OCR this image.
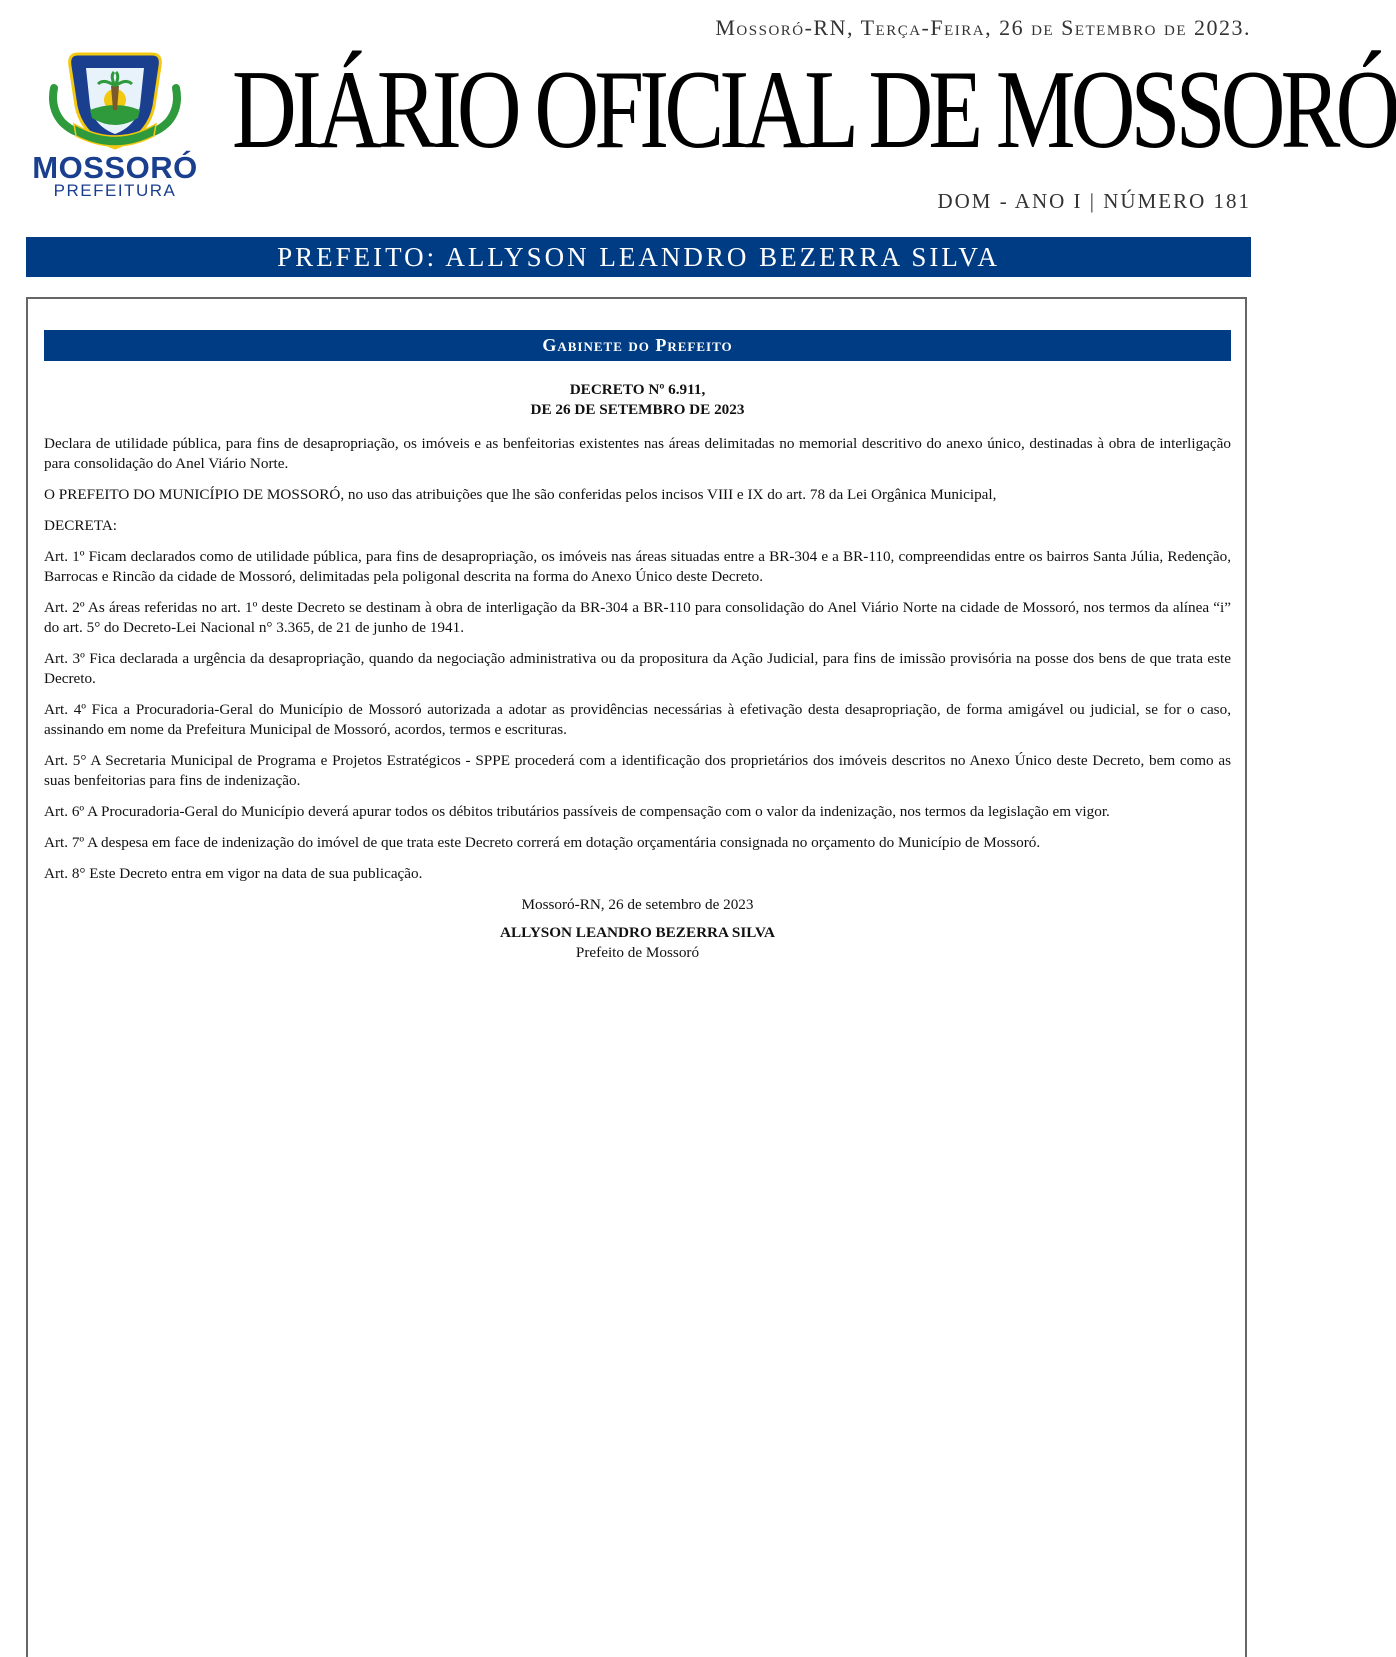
MOSSORÓ
PREFEITURA
Mossoró-RN, Terça-Feira, 26 de Setembro de 2023.
DIÁRIO OFICIAL DE MOSSORÓ
DOM - ANO I | NÚMERO 181
PREFEITO: ALLYSON LEANDRO BEZERRA SILVA
Gabinete do Prefeito
DECRETO Nº 6.911,
DE 26 DE SETEMBRO DE 2023

Declara de utilidade pública, para fins de desapropriação, os imóveis e as benfeitorias existentes nas áreas delimitadas no memorial descritivo do anexo único, destinadas à obra de interligação para consolidação do Anel Viário Norte.

O PREFEITO DO MUNICÍPIO DE MOSSORÓ, no uso das atribuições que lhe são conferidas pelos incisos VIII e IX do art. 78 da Lei Orgânica Municipal,

DECRETA:

Art. 1º Ficam declarados como de utilidade pública, para fins de desapropriação, os imóveis nas áreas situadas entre a BR-304 e a BR-110, compreendidas entre os bairros Santa Júlia, Redenção, Barrocas e Rincão da cidade de Mossoró, delimitadas pela poligonal descrita na forma do Anexo Único deste Decreto.

Art. 2º As áreas referidas no art. 1º deste Decreto se destinam à obra de interligação da BR-304 a BR-110 para consolidação do Anel Viário Norte na cidade de Mossoró, nos termos da alínea “i” do art. 5° do Decreto-Lei Nacional n° 3.365, de 21 de junho de 1941.

Art. 3º Fica declarada a urgência da desapropriação, quando da negociação administrativa ou da propositura da Ação Judicial, para fins de imissão provisória na posse dos bens de que trata este Decreto.

Art. 4º Fica a Procuradoria-Geral do Município de Mossoró autorizada a adotar as providências necessárias à efetivação desta desapropriação, de forma amigável ou judicial, se for o caso, assinando em nome da Prefeitura Municipal de Mossoró, acordos, termos e escrituras.

Art. 5° A Secretaria Municipal de Programa e Projetos Estratégicos - SPPE procederá com a identificação dos proprietários dos imóveis descritos no Anexo Único deste Decreto, bem como as suas benfeitorias para fins de indenização.

Art. 6º A Procuradoria-Geral do Município deverá apurar todos os débitos tributários passíveis de compensação com o valor da indenização, nos termos da legislação em vigor.

Art. 7º A despesa em face de indenização do imóvel de que trata este Decreto correrá em dotação orçamentária consignada no orçamento do Município de Mossoró.

Art. 8° Este Decreto entra em vigor na data de sua publicação.

Mossoró-RN, 26 de setembro de 2023
ALLYSON LEANDRO BEZERRA SILVA
Prefeito de Mossoró
